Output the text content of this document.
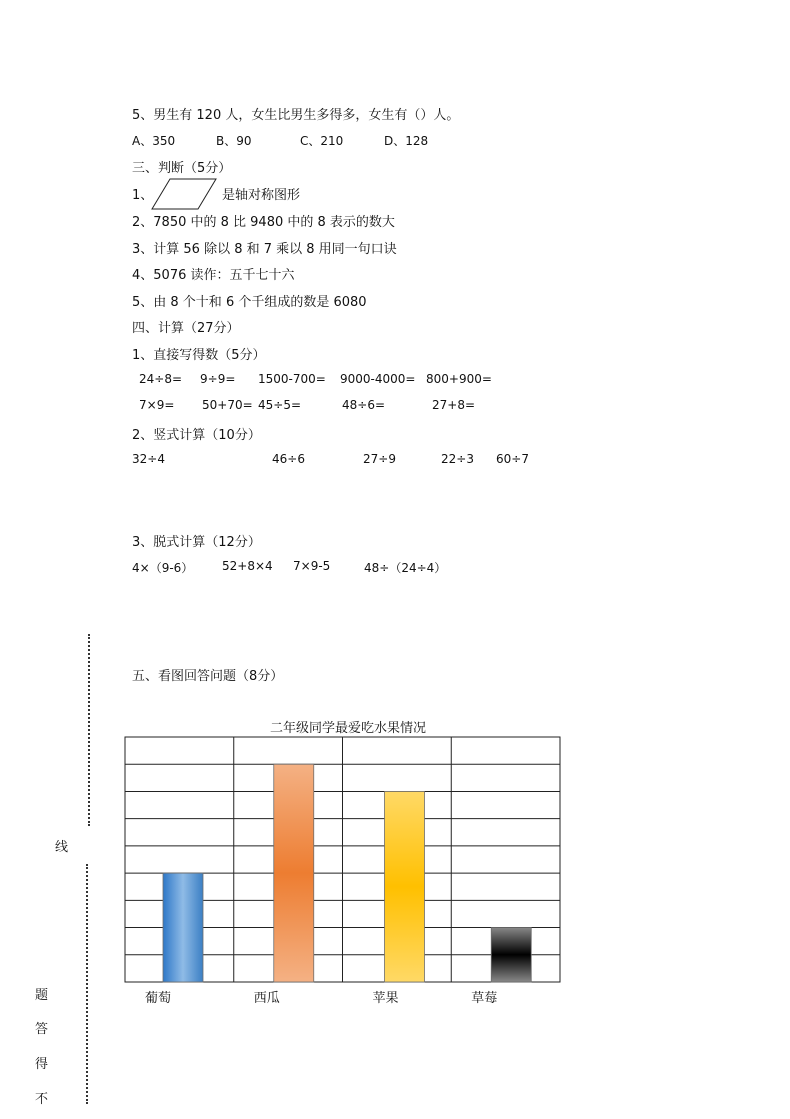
5、男生有 120 人，女生比男生多得多，女生有（）人。
A、350	B、90	C、210	D、128
三、判断（5分）
1、	是轴对称图形
2、7850 中的 8 比 9480 中的 8 表示的数大
3、计算 56 除以 8 和 7 乘以 8 用同一句口诀
4、5076 读作：五千七十六
5、由 8 个十和 6 个千组成的数是 6080
四、计算（27分）
1、直接写得数（5分）
24÷8= 9÷9= 1500-700= 9000-4000= 800+900=
7×9= 50+70= 45÷5=	48÷6=	27+8=
2、竖式计算（10分）
32÷4	46÷6	27÷9	22÷3 60÷7
3、脱式计算（12分）
4×（9-6） 52+8×4 7×9-5	48÷（24÷4）
五、看图回答问题（8分）
线
题
答
得
不
二年级同学最爱吃水果情况
葡萄	西瓜	苹果	草莓
